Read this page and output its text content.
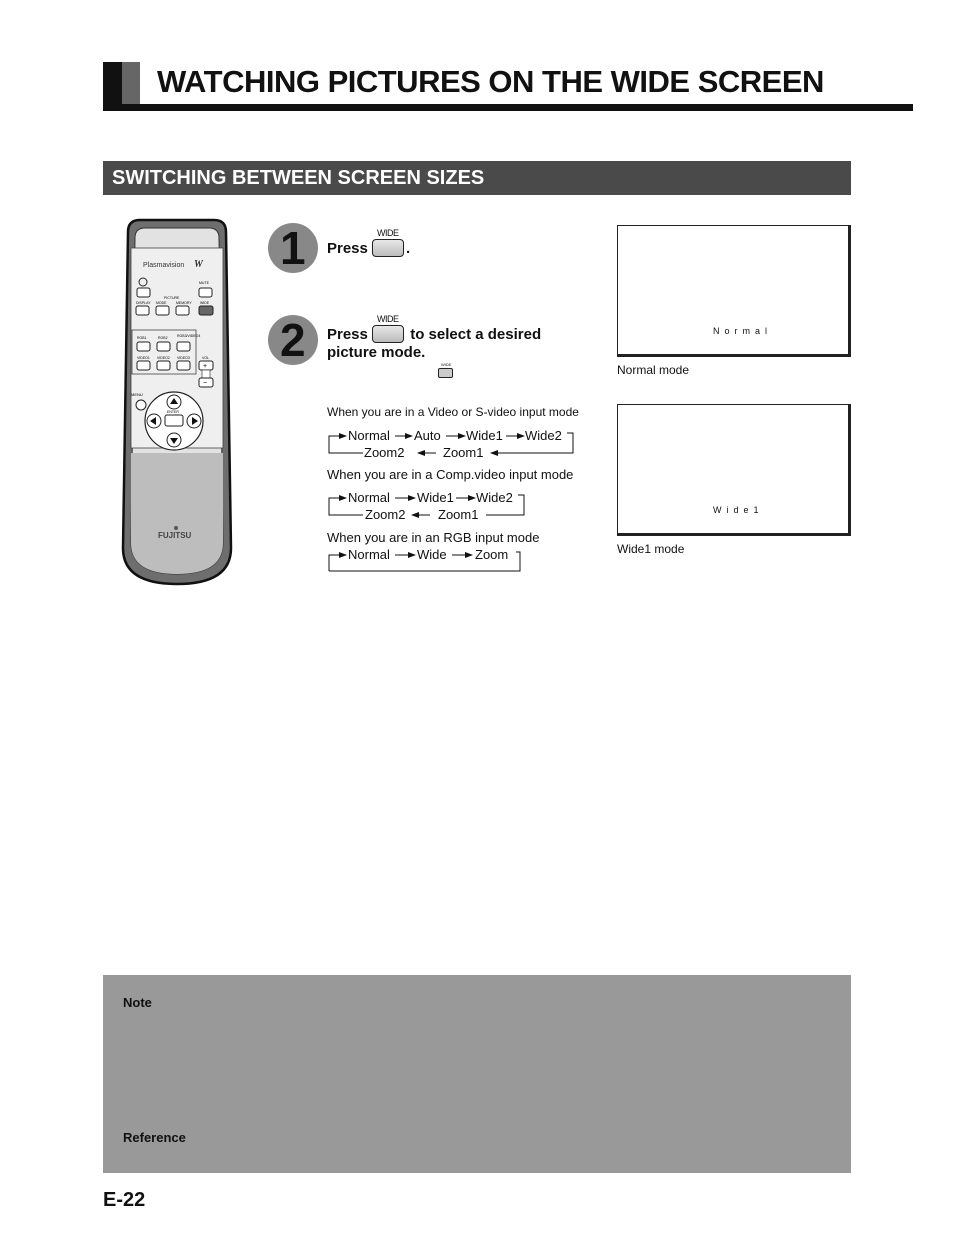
WATCHING PICTURES ON THE WIDE SCREEN
SWITCHING BETWEEN SCREEN SIZES
Plasmavision W
MUTE
PICTURE
DISPLAY MODE	MEMORY WIDE
RGB1	RGB2	RGB3/VIDEO4
VIDEO1 VIDEO2 VIDEO3	VOL
+
−
MENU
ENTER
FUJITSU
1 Press
WIDE
.
2 Press
WIDE
to select a desired
picture mode.
WIDE
When you are in a Video or S-video input mode
When you are in a Comp.video input mode
When you are in an RGB input mode
Normal Auto Wide1 Wide2
Zoom2	Zoom1
Normal Wide1 Wide2
Zoom2	Zoom1
Normal Wide Zoom
Normal
Normal mode
Wide1
Wide1 mode
Note
Reference
E-22
